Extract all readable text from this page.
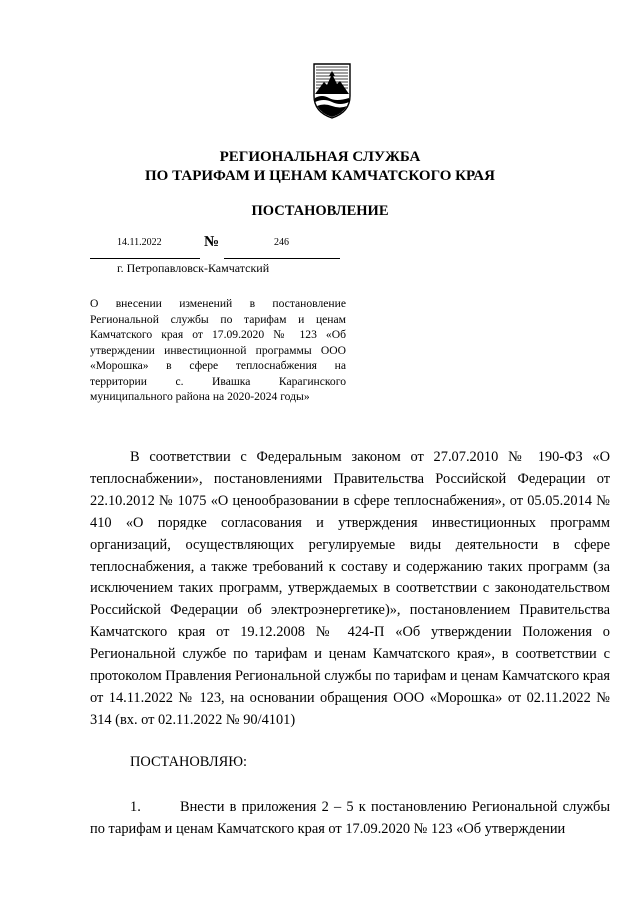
РЕГИОНАЛЬНАЯ СЛУЖБА
ПО ТАРИФАМ И ЦЕНАМ КАМЧАТСКОГО КРАЯ
ПОСТАНОВЛЕНИЕ
14.11.2022	№	246
г. Петропавловск-Камчатский
О внесении изменений в постановление Региональной службы по тарифам и ценам Камчатского края от 17.09.2020 № 123 «Об утверждении инвестиционной программы ООО «Морошка» в сфере теплоснабжения на территории с. Ивашка Карагинского муниципального района на 2020-2024 годы»
В соответствии с Федеральным законом от 27.07.2010 № 190-ФЗ «О теплоснабжении», постановлениями Правительства Российской Федерации от 22.10.2012 № 1075 «О ценообразовании в сфере теплоснабжения», от 05.05.2014 № 410 «О порядке согласования и утверждения инвестиционных программ организаций, осуществляющих регулируемые виды деятельности в сфере теплоснабжения, а также требований к составу и содержанию таких программ (за исключением таких программ, утверждаемых в соответствии с законодательством Российской Федерации об электроэнергетике)», постановлением Правительства Камчатского края от 19.12.2008 № 424-П «Об утверждении Положения о Региональной службе по тарифам и ценам Камчатского края», в соответствии с протоколом Правления Региональной службы по тарифам и ценам Камчатского края от 14.11.2022 № 123, на основании обращения ООО «Морошка» от 02.11.2022 № 314 (вх. от 02.11.2022 № 90/4101)
ПОСТАНОВЛЯЮ:
1.	Внести в приложения 2 – 5 к постановлению Региональной службы по тарифам и ценам Камчатского края от 17.09.2020 № 123 «Об утверждении
